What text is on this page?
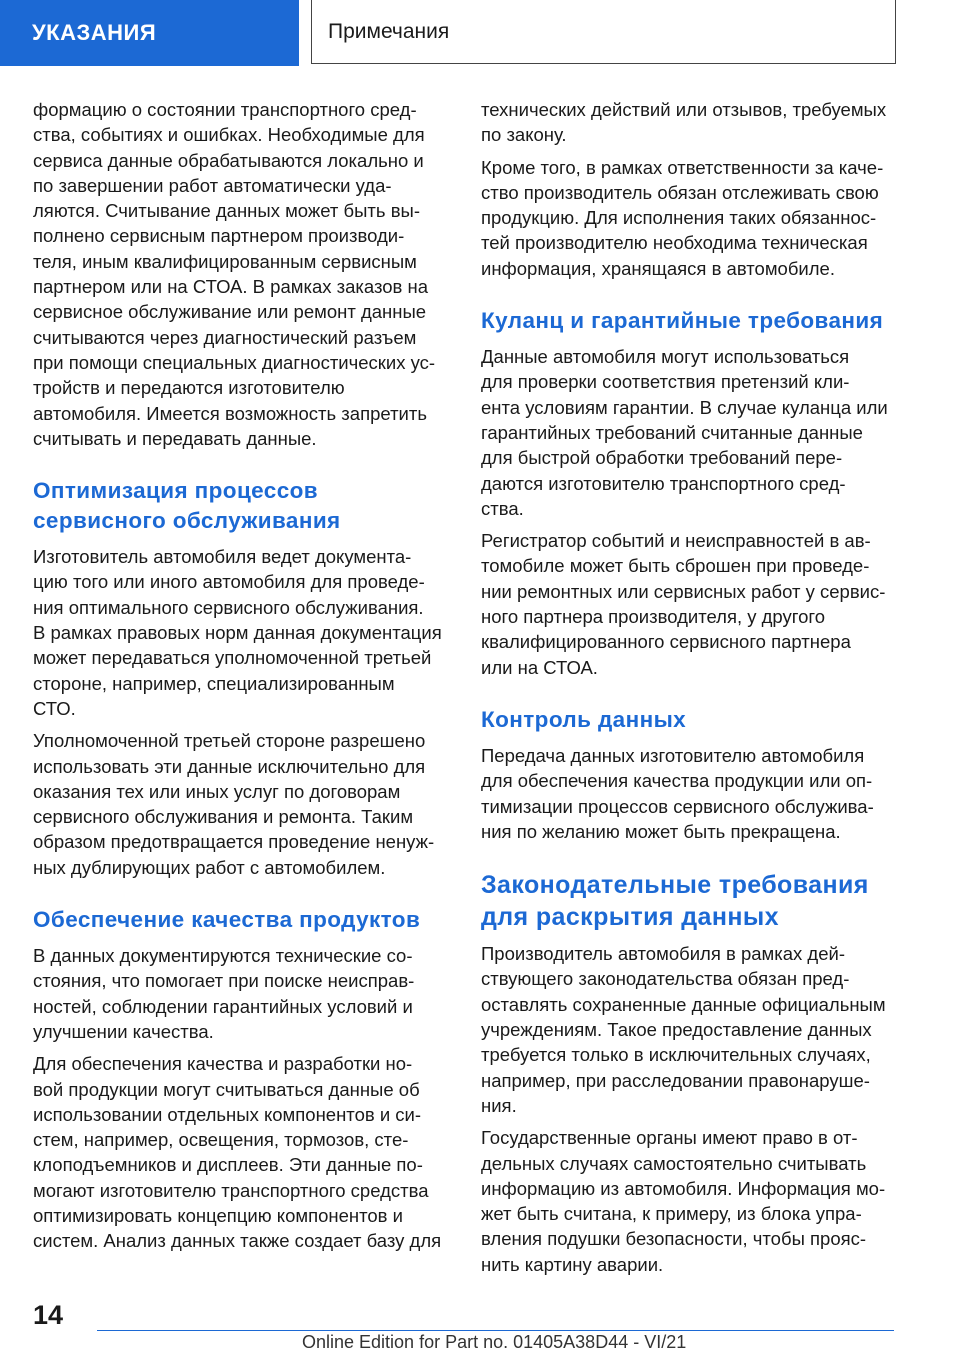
УКАЗАНИЯ	Примечания

формацию о состоянии транспортного сред-
ства, событиях и ошибках. Необходимые для
сервиса данные обрабатываются локально и
по завершении работ автоматически уда-
ляются. Считывание данных может быть вы-
полнено сервисным партнером производи-
теля, иным квалифицированным сервисным
партнером или на СТОА. В рамках заказов на
сервисное обслуживание или ремонт данные
считываются через диагностический разъем
при помощи специальных диагностических ус-
тройств и передаются изготовителю
автомобиля. Имеется возможность запретить
считывать и передавать данные.

Оптимизация процессов
сервисного обслуживания

Изготовитель автомобиля ведет документа-
цию того или иного автомобиля для проведе-
ния оптимального сервисного обслуживания.
В рамках правовых норм данная документация
может передаваться уполномоченной третьей
стороне, например, специализированным
СТО.

Уполномоченной третьей стороне разрешено
использовать эти данные исключительно для
оказания тех или иных услуг по договорам
сервисного обслуживания и ремонта. Таким
образом предотвращается проведение ненуж-
ных дублирующих работ с автомобилем.

Обеспечение качества продуктов

В данных документируются технические со-
стояния, что помогает при поиске неисправ-
ностей, соблюдении гарантийных условий и
улучшении качества.

Для обеспечения качества и разработки но-
вой продукции могут считываться данные об
использовании отдельных компонентов и си-
стем, например, освещения, тормозов, сте-
клоподъемников и дисплеев. Эти данные по-
могают изготовителю транспортного средства
оптимизировать концепцию компонентов и
систем. Анализ данных также создает базу для

технических действий или отзывов, требуемых
по закону.

Кроме того, в рамках ответственности за каче-
ство производитель обязан отслеживать свою
продукцию. Для исполнения таких обязаннос-
тей производителю необходима техническая
информация, хранящаяся в автомобиле.

Куланц и гарантийные требования

Данные автомобиля могут использоваться
для проверки соответствия претензий кли-
ента условиям гарантии. В случае куланца или
гарантийных требований считанные данные
для быстрой обработки требований пере-
даются изготовителю транспортного сред-
ства.

Регистратор событий и неисправностей в ав-
томобиле может быть сброшен при проведе-
нии ремонтных или сервисных работ у сервис-
ного партнера производителя, у другого
квалифицированного сервисного партнера
или на СТОА.

Контроль данных

Передача данных изготовителю автомобиля
для обеспечения качества продукции или оп-
тимизации процессов сервисного обслужива-
ния по желанию может быть прекращена.

Законодательные требования
для раскрытия данных

Производитель автомобиля в рамках дей-
ствующего законодательства обязан пред-
оставлять сохраненные данные официальным
учреждениям. Такое предоставление данных
требуется только в исключительных случаях,
например, при расследовании правонаруше-
ния.

Государственные органы имеют право в от-
дельных случаях самостоятельно считывать
информацию из автомобиля. Информация мо-
жет быть считана, к примеру, из блока упра-
вления подушки безопасности, чтобы прояс-
нить картину аварии.

14
Online Edition for Part no. 01405A38D44 - VI/21
